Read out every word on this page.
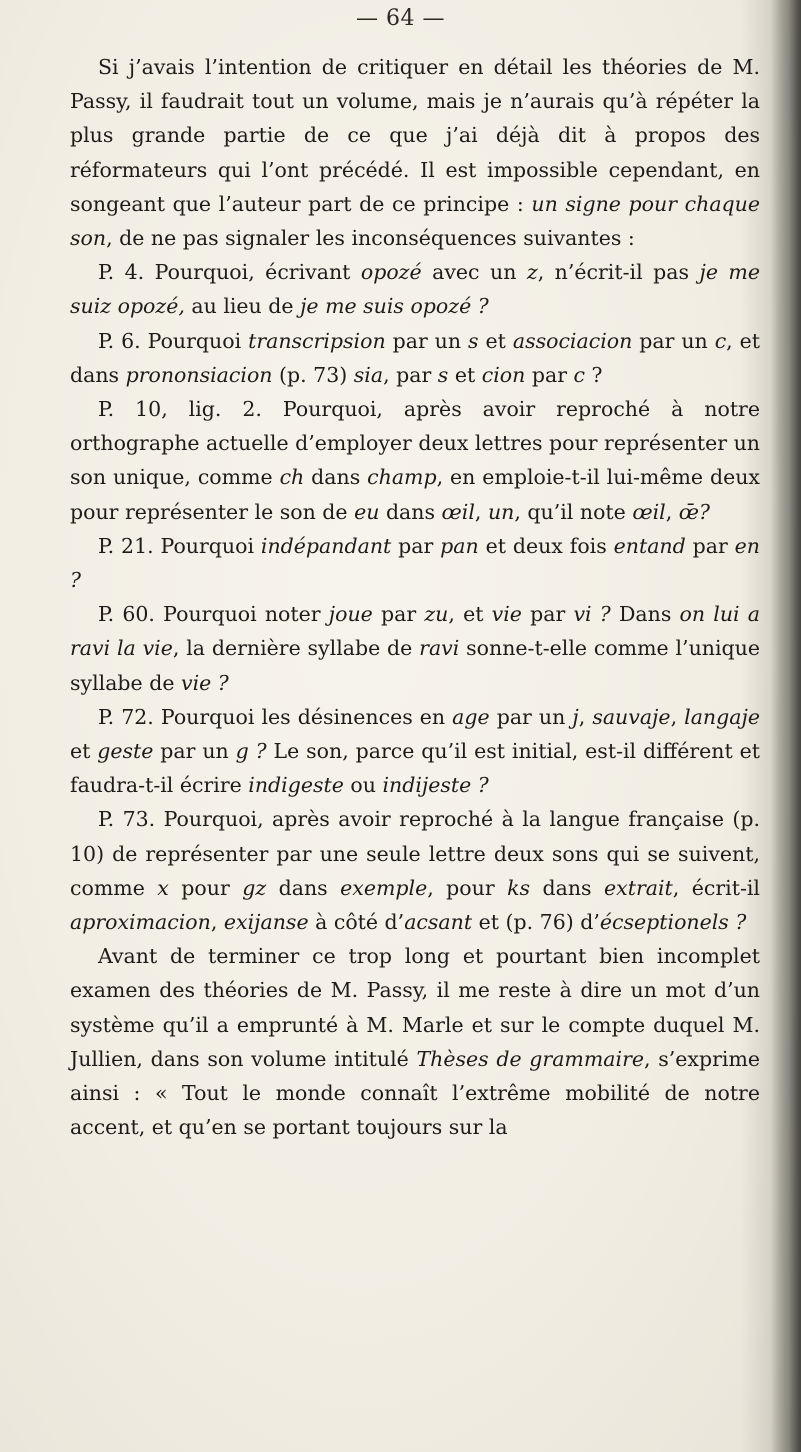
— 64 —

Si j’avais l’intention de critiquer en détail les théories de M. Passy, il faudrait tout un volume, mais je n’aurais qu’à répéter la plus grande partie de ce que j’ai déjà dit à propos des réformateurs qui l’ont précédé. Il est impossible cependant, en songeant que l’auteur part de ce principe : un signe pour chaque son, de ne pas signaler les inconséquences suivantes :

P. 4. Pourquoi, écrivant opozé avec un z, n’écrit-il pas je me suiz opozé, au lieu de je me suis opozé ?

P. 6. Pourquoi transcripsion par un s et associacion par un c, et dans prononsiacion (p. 73) sia, par s et cion par c ?

P. 10, lig. 2. Pourquoi, après avoir reproché à notre orthographe actuelle d’employer deux lettres pour représenter un son unique, comme ch dans champ, en emploie-t-il lui-même deux pour représenter le son de eu dans œil, un, qu’il note œil, œ̄?

P. 21. Pourquoi indépandant par pan et deux fois entand par en ?

P. 60. Pourquoi noter joue par zu, et vie par vi ? Dans on lui a ravi la vie, la dernière syllabe de ravi sonne-t-elle comme l’unique syllabe de vie ?

P. 72. Pourquoi les désinences en age par un j, sauvaje, langaje et geste par un g ? Le son, parce qu’il est initial, est-il différent et faudra-t-il écrire indigeste ou indijeste ?

P. 73. Pourquoi, après avoir reproché à la langue française (p. 10) de représenter par une seule lettre deux sons qui se suivent, comme x pour gz dans exemple, pour ks dans extrait, écrit-il aproximacion, exijanse à côté d’acsant et (p. 76) d’écseptionels ?

Avant de terminer ce trop long et pourtant bien incomplet examen des théories de M. Passy, il me reste à dire un mot d’un système qu’il a emprunté à M. Marle et sur le compte duquel M. Jullien, dans son volume intitulé Thèses de grammaire, s’exprime ainsi : « Tout le monde connaît l’extrême mobilité de notre accent, et qu’en se portant toujours sur la
